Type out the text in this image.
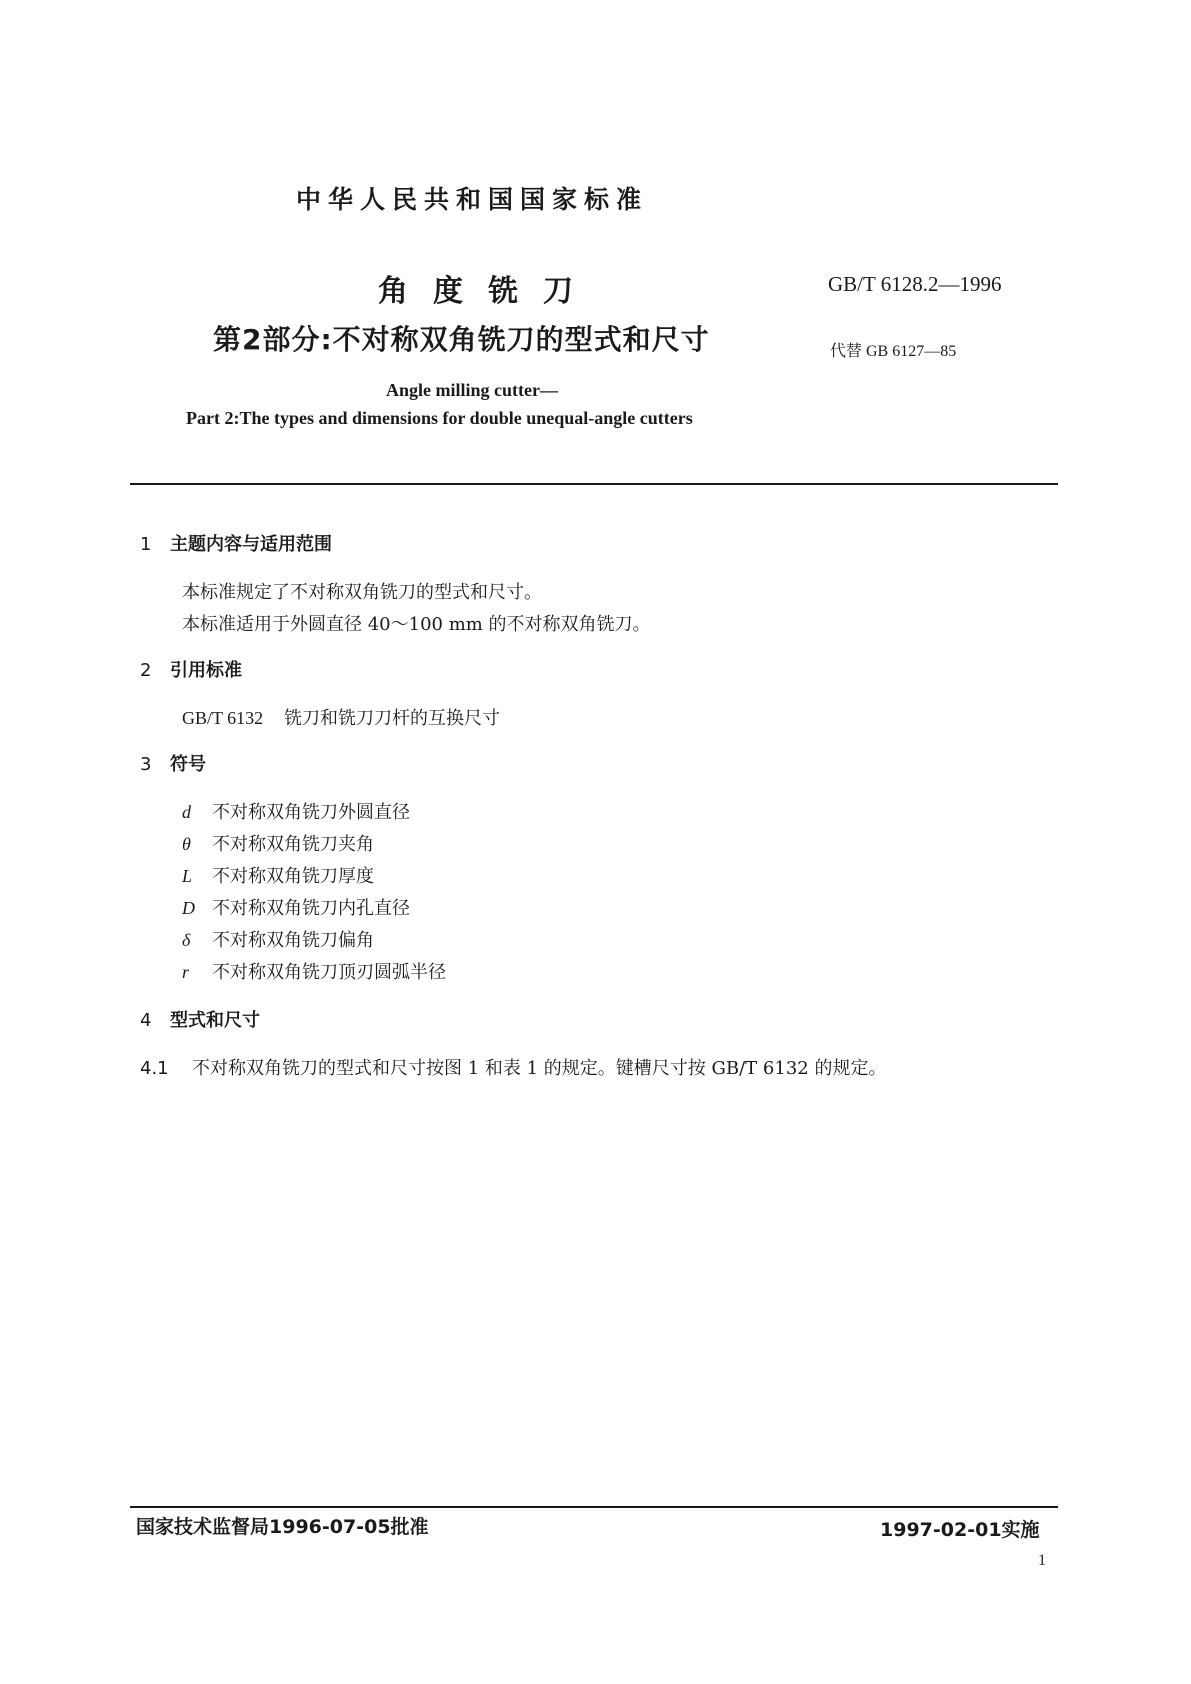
中华人民共和国国家标准
角度铣刀
第2部分:不对称双角铣刀的型式和尺寸
GB/T 6128.2—1996
代替 GB 6127—85
Angle milling cutter—
Part 2:The types and dimensions for double unequal-angle cutters
1 主题内容与适用范围
本标准规定了不对称双角铣刀的型式和尺寸。
本标准适用于外圆直径 40～100 mm 的不对称双角铣刀。
2 引用标准
GB/T 6132 铣刀和铣刀刀杆的互换尺寸
3 符号
d 不对称双角铣刀外圆直径
θ 不对称双角铣刀夹角
L 不对称双角铣刀厚度
D 不对称双角铣刀内孔直径
δ 不对称双角铣刀偏角
r 不对称双角铣刀顶刃圆弧半径
4 型式和尺寸
4.1 不对称双角铣刀的型式和尺寸按图 1 和表 1 的规定。键槽尺寸按 GB/T 6132 的规定。
国家技术监督局1996-07-05批准	1997-02-01实施
1
